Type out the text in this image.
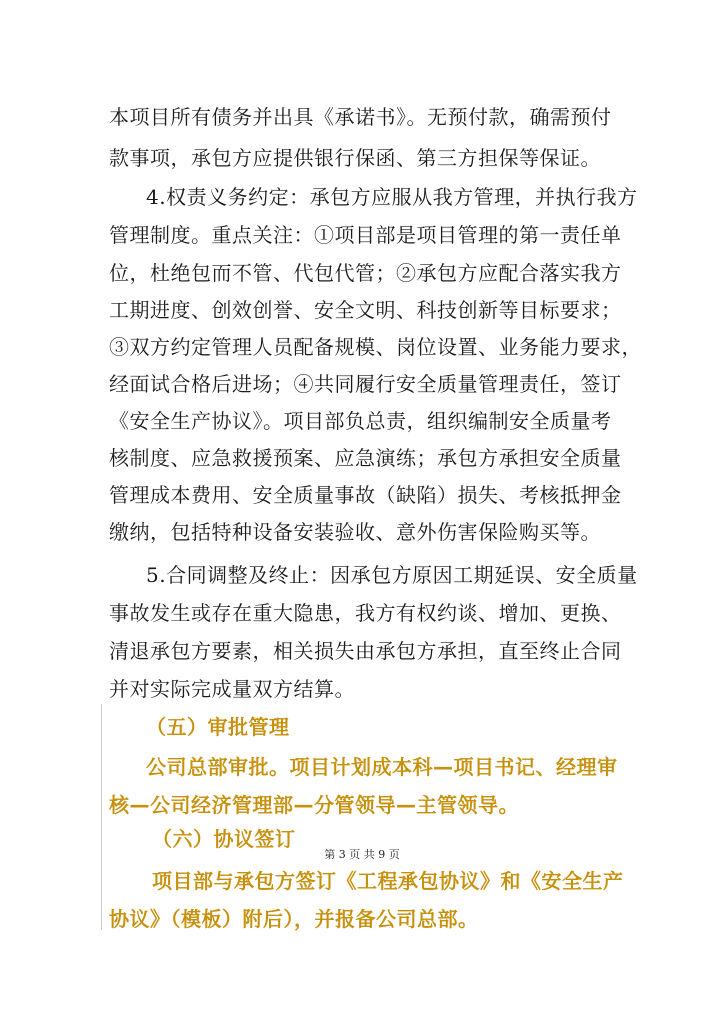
本项目所有债务并出具《承诺书》。无预付款，确需预付
款事项，承包方应提供银行保函、第三方担保等保证。
4.权责义务约定：承包方应服从我方管理，并执行我方
管理制度。重点关注：①项目部是项目管理的第一责任单
位，杜绝包而不管、代包代管；②承包方应配合落实我方
工期进度、创效创誉、安全文明、科技创新等目标要求；
③双方约定管理人员配备规模、岗位设置、业务能力要求，
经面试合格后进场；④共同履行安全质量管理责任，签订
《安全生产协议》。项目部负总责，组织编制安全质量考
核制度、应急救援预案、应急演练；承包方承担安全质量
管理成本费用、安全质量事故（缺陷）损失、考核抵押金
缴纳，包括特种设备安装验收、意外伤害保险购买等。
5.合同调整及终止：因承包方原因工期延误、安全质量
事故发生或存在重大隐患，我方有权约谈、增加、更换、
清退承包方要素，相关损失由承包方承担，直至终止合同
并对实际完成量双方结算。
（五）审批管理
公司总部审批。项目计划成本科—项目书记、经理审
核—公司经济管理部—分管领导—主管领导。
（六）协议签订
第 3 页 共 9 页
项目部与承包方签订《工程承包协议》和《安全生产
协议》（模板）附后），并报备公司总部。
